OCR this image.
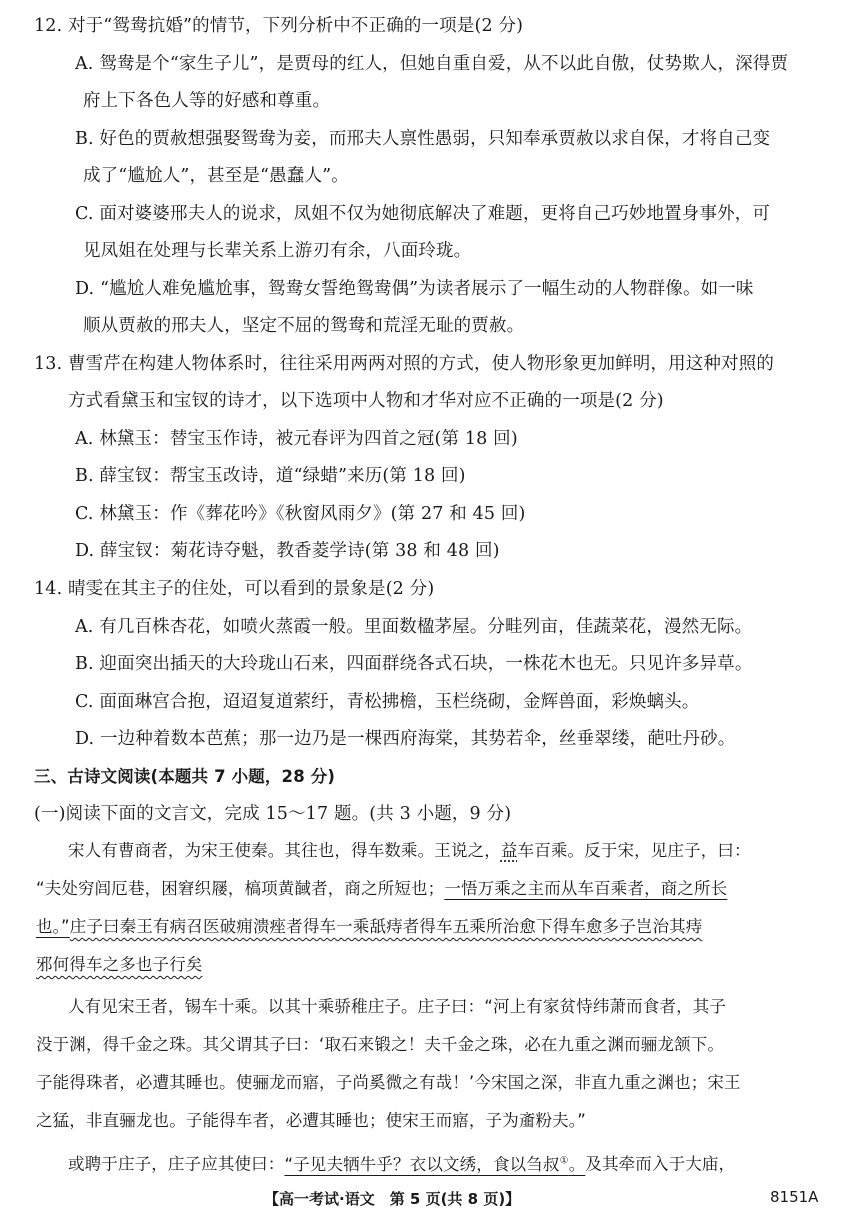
12. 对于“鸳鸯抗婚”的情节，下列分析中不正确的一项是(2 分)
A. 鸳鸯是个“家生子儿”，是贾母的红人，但她自重自爱，从不以此自傲，仗势欺人，深得贾
府上下各色人等的好感和尊重。
B. 好色的贾赦想强娶鸳鸯为妾，而邢夫人禀性愚弱，只知奉承贾赦以求自保，才将自己变
成了“尴尬人”，甚至是“愚蠢人”。
C. 面对婆婆邢夫人的说求，凤姐不仅为她彻底解决了难题，更将自己巧妙地置身事外，可
见凤姐在处理与长辈关系上游刃有余，八面玲珑。
D. “尴尬人难免尴尬事，鸳鸯女誓绝鸳鸯偶”为读者展示了一幅生动的人物群像。如一味
顺从贾赦的邢夫人，坚定不屈的鸳鸯和荒淫无耻的贾赦。
13. 曹雪芹在构建人物体系时，往往采用两两对照的方式，使人物形象更加鲜明，用这种对照的
方式看黛玉和宝钗的诗才，以下选项中人物和才华对应不正确的一项是(2 分)
A. 林黛玉：替宝玉作诗，被元春评为四首之冠(第 18 回)
B. 薛宝钗：帮宝玉改诗，道“绿蜡”来历(第 18 回)
C. 林黛玉：作《葬花吟》《秋窗风雨夕》(第 27 和 45 回)
D. 薛宝钗：菊花诗夺魁，教香菱学诗(第 38 和 48 回)
14. 晴雯在其主子的住处，可以看到的景象是(2 分)
A. 有几百株杏花，如喷火蒸霞一般。里面数楹茅屋。分畦列亩，佳蔬菜花，漫然无际。
B. 迎面突出插天的大玲珑山石来，四面群绕各式石块，一株花木也无。只见许多异草。
C. 面面琳宫合抱，迢迢复道萦纡，青松拂檐，玉栏绕砌，金辉兽面，彩焕螭头。
D. 一边种着数本芭蕉；那一边乃是一棵西府海棠，其势若伞，丝垂翠缕，葩吐丹砂。
三、古诗文阅读(本题共 7 小题，28 分)
(一)阅读下面的文言文，完成 15～17 题。(共 3 小题，9 分)
宋人有曹商者，为宋王使秦。其往也，得车数乘。王说之，益车百乘。反于宋，见庄子，曰：
“夫处穷闾厄巷，困窘织屦，槁项黄馘者，商之所短也；一悟万乘之主而从车百乘者，商之所长
也。”庄子曰秦王有病召医破痈溃痤者得车一乘舐痔者得车五乘所治愈下得车愈多子岂治其痔
邪何得车之多也子行矣
人有见宋王者，锡车十乘。以其十乘骄稚庄子。庄子曰：“河上有家贫恃纬萧而食者，其子
没于渊，得千金之珠。其父谓其子曰：‘取石来锻之！夫千金之珠，必在九重之渊而骊龙颔下。
子能得珠者，必遭其睡也。使骊龙而寤，子尚奚微之有哉！’今宋国之深，非直九重之渊也；宋王
之猛，非直骊龙也。子能得车者，必遭其睡也；使宋王而寤，子为齑粉夫。”
或聘于庄子，庄子应其使曰：“子见夫牺牛乎？衣以文绣，食以刍叔①。及其牵而入于大庙，
【高一考试·语文　第 5 页(共 8 页)】	8151A
